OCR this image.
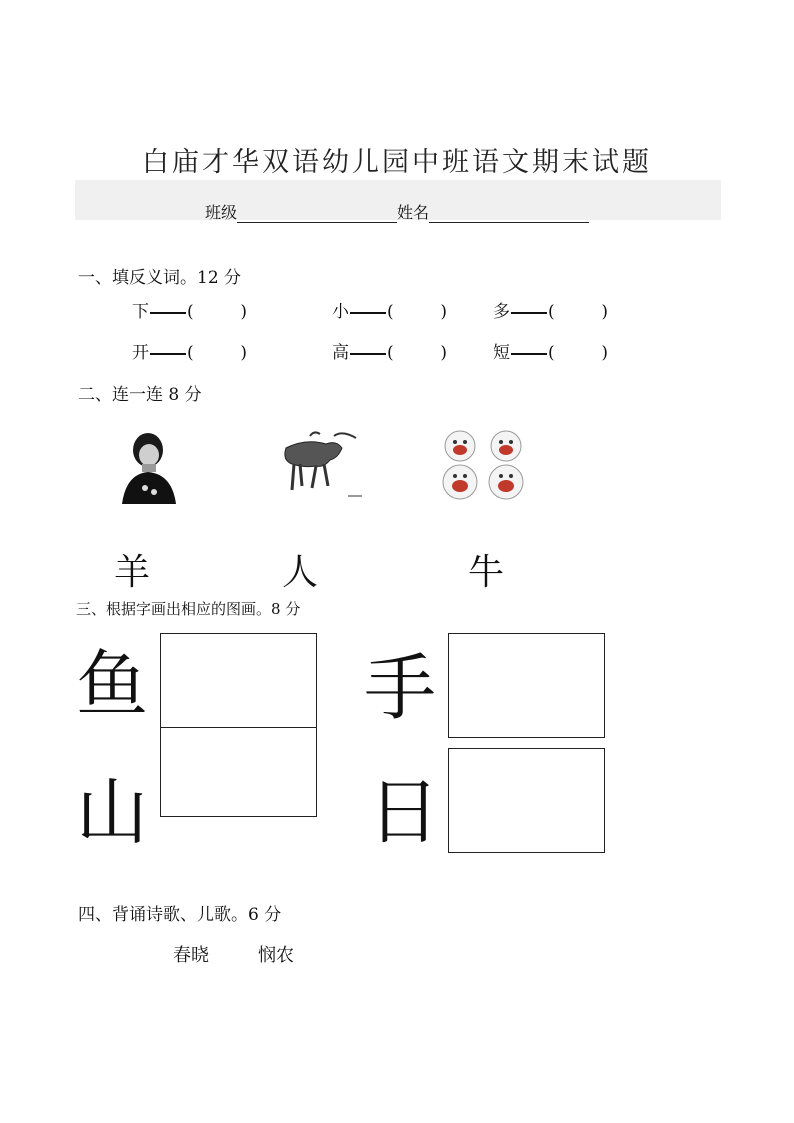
白庙才华双语幼儿园中班语文期末试题
班级	姓名
一、填反义词。12 分
下 (	)	小 (	)	多 (	)
开 (	)	高 (	)	短 (	)
二、连一连 8 分
羊	人	牛
三、根据字画出相应的图画。8 分
鱼	手
山	日
四、背诵诗歌、儿歌。6 分
春晓	悯农
